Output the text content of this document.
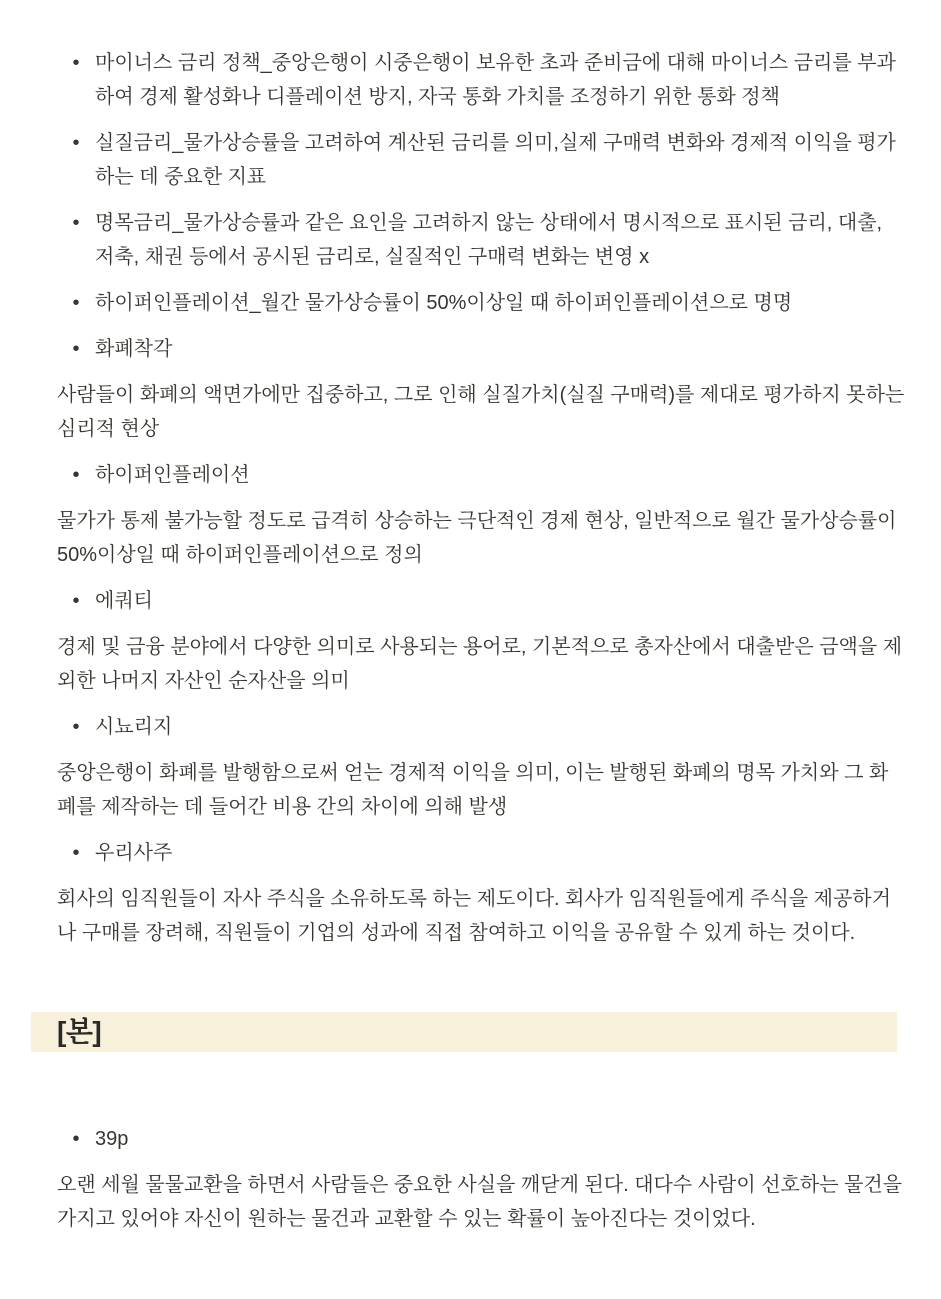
• 마이너스 금리 정책_중앙은행이 시중은행이 보유한 초과 준비금에 대해 마이너스 금리를 부과하여 경제 활성화나 디플레이션 방지, 자국 통화 가치를 조정하기 위한 통화 정책
• 실질금리_물가상승률을 고려하여 계산된 금리를 의미,실제 구매력 변화와 경제적 이익을 평가하는 데 중요한 지표
• 명목금리_물가상승률과 같은 요인을 고려하지 않는 상태에서 명시적으로 표시된 금리, 대출, 저축, 채권 등에서 공시된 금리로, 실질적인 구매력 변화는 변영 x
• 하이퍼인플레이션_월간 물가상승률이 50%이상일 때 하이퍼인플레이션으로 명명
• 화폐착각
사람들이 화폐의 액면가에만 집중하고, 그로 인해 실질가치(실질 구매력)를 제대로 평가하지 못하는 심리적 현상
• 하이퍼인플레이션
물가가 통제 불가능할 정도로 급격히 상승하는 극단적인 경제 현상, 일반적으로 월간 물가상승률이 50%이상일 때 하이퍼인플레이션으로 정의
• 에쿼티
경제 및 금융 분야에서 다양한 의미로 사용되는 용어로, 기본적으로 총자산에서 대출받은 금액을 제외한 나머지 자산인 순자산을 의미
• 시뇨리지
중앙은행이 화폐를 발행함으로써 얻는 경제적 이익을 의미, 이는 발행된 화폐의 명목 가치와 그 화폐를 제작하는 데 들어간 비용 간의 차이에 의해 발생
• 우리사주
회사의 임직원들이 자사 주식을 소유하도록 하는 제도이다. 회사가 임직원들에게 주식을 제공하거나 구매를 장려해, 직원들이 기업의 성과에 직접 참여하고 이익을 공유할 수 있게 하는 것이다.
[본]
• 39p
오랜 세월 물물교환을 하면서 사람들은 중요한 사실을 깨닫게 된다. 대다수 사람이 선호하는 물건을 가지고 있어야 자신이 원하는 물건과 교환할 수 있는 확률이 높아진다는 것이었다.
